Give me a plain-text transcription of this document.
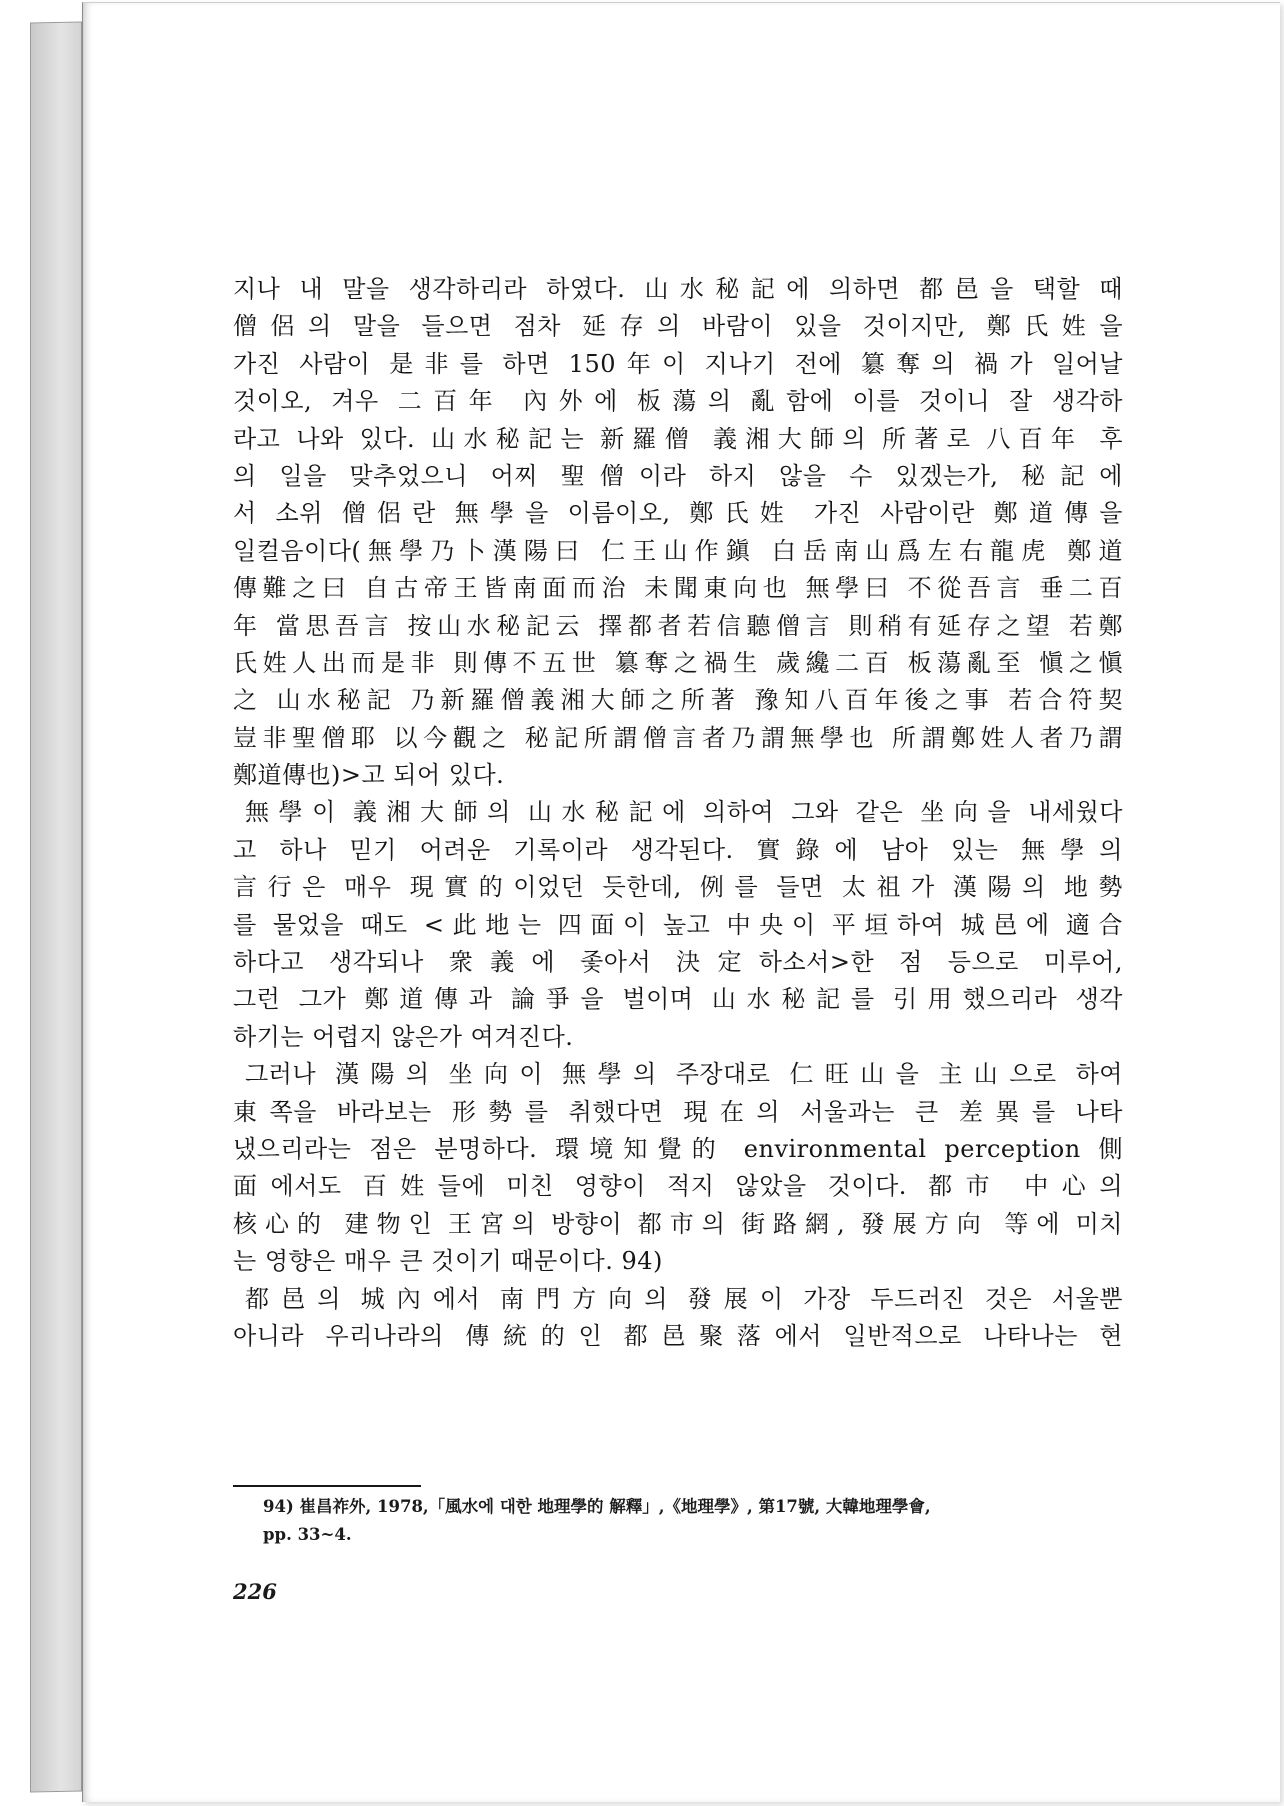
지나 내 말을 생각하리라 하였다. 山水秘記에 의하면 都邑을 택할 때
僧侶의 말을 들으면 점차 延存의 바람이 있을 것이지만, 鄭氏姓을
가진 사람이 是非를 하면 150年이 지나기 전에 簒奪의 禍가 일어날
것이오, 겨우 二百年 內外에 板蕩의 亂함에 이를 것이니 잘 생각하
라고 나와 있다. 山水秘記는 新羅僧 義湘大師의 所著로 八百年 후
의 일을 맞추었으니 어찌 聖僧이라 하지 않을 수 있겠는가, 秘記에
서 소위 僧侶란 無學을 이름이오, 鄭氏姓 가진 사람이란 鄭道傳을
일컬음이다(無學乃卜漢陽曰 仁王山作鎭 白岳南山爲左右龍虎 鄭道
傳難之曰 自古帝王皆南面而治 未聞東向也 無學曰 不從吾言 垂二百
年 當思吾言 按山水秘記云 擇都者若信聽僧言 則稍有延存之望 若鄭
氏姓人出而是非 則傳不五世 簒奪之禍生 歲纔二百 板蕩亂至 愼之愼
之 山水秘記 乃新羅僧義湘大師之所著 豫知八百年後之事 若合符契
豈非聖僧耶 以今觀之 秘記所謂僧言者乃謂無學也 所謂鄭姓人者乃謂
鄭道傳也)>고 되어 있다.
無學이 義湘大師의 山水秘記에 의하여 그와 같은 坐向을 내세웠다
고 하나 믿기 어려운 기록이라 생각된다. 實錄에 남아 있는 無學의
言行은 매우 現實的이었던 듯한데, 例를 들면 太祖가 漢陽의 地勢
를 물었을 때도 <此地는 四面이 높고 中央이 平垣하여 城邑에 適合
하다고 생각되나 衆義에 좇아서 決定하소서>한 점 등으로 미루어,
그런 그가 鄭道傳과 論爭을 벌이며 山水秘記를 引用했으리라 생각
하기는 어렵지 않은가 여겨진다.
그러나 漢陽의 坐向이 無學의 주장대로 仁旺山을 主山으로 하여
東쪽을 바라보는 形勢를 취했다면 現在의 서울과는 큰 差異를 나타
냈으리라는 점은 분명하다. 環境知覺的 environmental perception 側
面에서도 百姓들에 미친 영향이 적지 않았을 것이다. 都市 中心의
核心的 建物인 王宮의 방향이 都市의 街路網, 發展方向 等에 미치
는 영향은 매우 큰 것이기 때문이다. 94)
都邑의 城內에서 南門方向의 發展이 가장 두드러진 것은 서울뿐
아니라 우리나라의 傳統的인 都邑聚落에서 일반적으로 나타나는 현
94) 崔昌祚外, 1978,「風水에 대한 地理學的 解釋」,《地理學》, 第17號, 大韓地理學會,
pp. 33~4.
226
